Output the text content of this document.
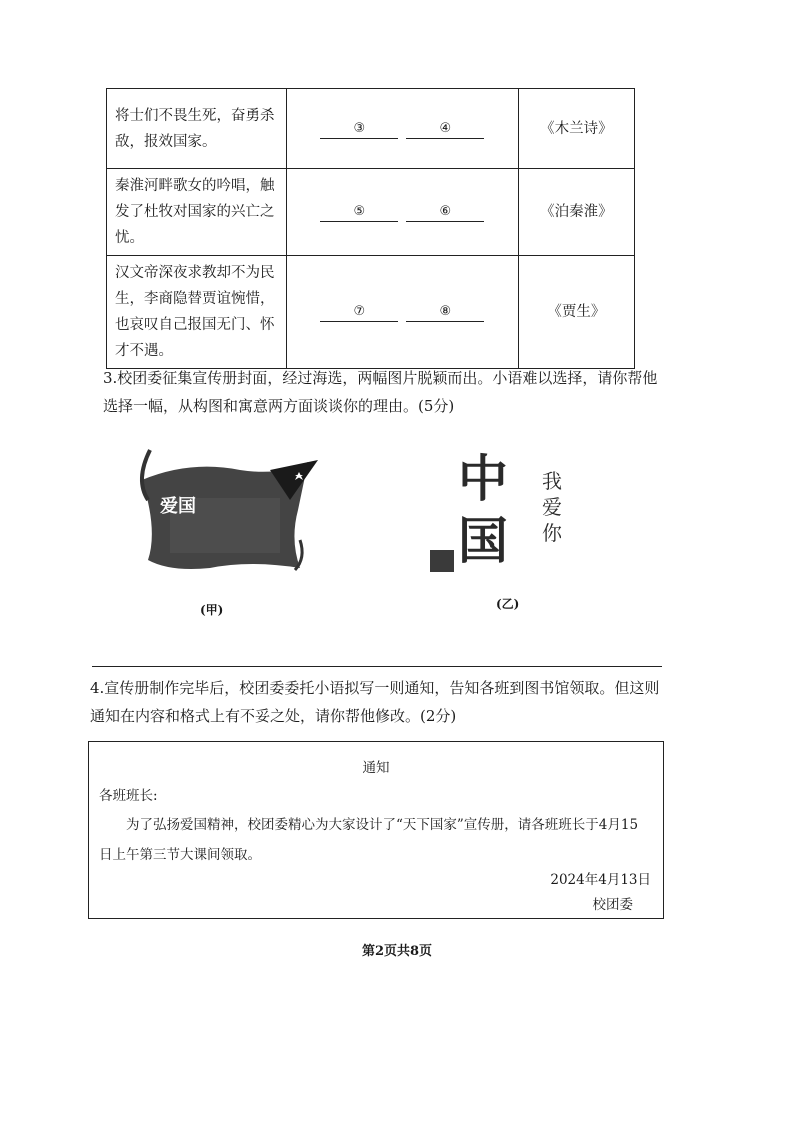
将士们不畏生死，奋勇杀敌，报效国家。	③ ④	《木兰诗》
秦淮河畔歌女的吟唱，触发了杜牧对国家的兴亡之忧。	⑤ ⑥	《泊秦淮》
汉文帝深夜求教却不为民生，李商隐替贾谊惋惜，也哀叹自己报国无门、怀才不遇。	⑦ ⑧	《贾生》
3.校团委征集宣传册封面，经过海选，两幅图片脱颖而出。小语难以选择，请你帮他选择一幅，从构图和寓意两方面谈谈你的理由。(5分)
爱国
(甲)
中国
我爱你
(乙)
4.宣传册制作完毕后，校团委委托小语拟写一则通知，告知各班到图书馆领取。但这则通知在内容和格式上有不妥之处，请你帮他修改。(2分)
通知
各班班长:
为了弘扬爱国精神，校团委精心为大家设计了“天下国家”宣传册，请各班班长于4月15日上午第三节大课间领取。
2024年4月13日
校团委
第2页共8页
